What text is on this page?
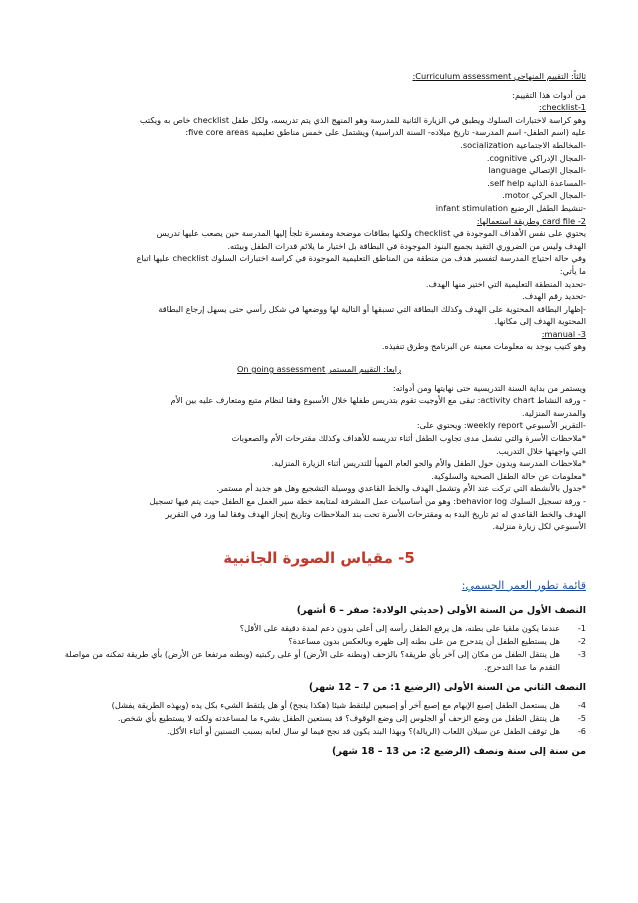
ثالثاً: التقييم المنهاجي Curriculum assessment:
من أدوات هذا التقييم:
1-checklist:
وهو كراسة لاختبارات السلوك ويطبق في الزيارة الثانية للمدرسة وهو المنهج الذي يتم تدريسه، ولكل طفل checklist خاص به ويكتب
عليه (اسم الطفل- اسم المدرسة- تاريخ ميلاده- السنة الدراسية) ويشتمل على خمس مناطق تعليمية five core areas:
-المخالطة الاجتماعية socialization.
-المجال الإدراكي cognitive.
-المجال الإتصالي language
-المساعدة الذاتية self help.
-المجال الحركي motor.
-تنشيط الطفل الرضيع infant stimulation
2- card file وطريقة استعمالها:
يحتوي على نفس الأهداف الموجودة في checklist ولكنها بطاقات موضحة ومفسرة تلجأ إليها المدرسة حين يصعب عليها تدريس
الهدف وليس من الضروري التقيد بجميع البنود الموجودة في البطاقة بل اختيار ما يلائم قدرات الطفل وبيئته.
وفي حالة احتياج المدرسة لتفسير هدف من منطقة من المناطق التعليمية الموجودة في كراسة اختبارات السلوك checklist عليها اتباع
ما يأتي:
-تحديد المنطقة التعليمية التي اختير منها الهدف.
-تحديد رقم الهدف.
-إظهار البطاقة المحتوية على الهدف وكذلك البطاقة التي تسبقها أو التالية لها ووضعها في شكل رأسي حتى يسهل إرجاع البطاقة
المحتوية الهدف إلى مكانها.
3- manual:
وهو كتيب يوجد به معلومات معينة عن البرنامج وطرق تنفيذه.
رابعا: التقييم المستمر On going assessment
ويستمر من بداية السنة التدريسية حتى نهايتها ومن أدواته:
- ورقة النشاط activity chart: تبقى مع الأوجيت تقوم بتدريس طفلها خلال الأسبوع وفقا لنظام متبع ومتعارف عليه بين الأم
والمدرسة المنزلية.
-التقرير الأسبوعي weekly report: ويحتوي على:
*ملاحظات الأسرة والتي تشمل مدى تجاوب الطفل أثناء تدريسه للأهداف وكذلك مقترحات الأم والصعوبات
التي واجهتها خلال التدريب.
*ملاحظات المدرسة ويدون حول الطفل والأم والجو العام المهيأ للتدريس أثناء الزيارة المنزلية.
*معلومات عن حالة الطفل الصحية والسلوكية.
*جدول بالأنشطة التي تركت عند الأم وتشمل الهدف والخط القاعدي ووسيلة التشجيع وهل هو جديد أم مستمر.
- ورقة تسجيل السلوك behavior log: وهو من أساسيات عمل المشرفة لمتابعة خطة سير العمل مع الطفل حيث يتم فيها تسجيل
الهدف والخط القاعدي له ثم تاريخ البدء به ومقترحات الأسرة تحت بند الملاحظات وتاريخ إنجاز الهدف وفقا لما ورد في التقرير
الأسبوعي لكل زيارة منزلية.
5- مقياس الصورة الجانبية
قائمة تطور العمر الجسمي:
النصف الأول من السنة الأولى (حديثي الولادة: صفر – 6 أشهر)
1-
عندما يكون ملقيا على بطنه، هل يرفع الطفل رأسه إلى أعلى بدون دعم لمدة دقيقة على الأقل؟
2-
هل يستطيع الطفل أن يتدحرج من على بطنه إلى ظهره وبالعكس بدون مساعدة؟
3-
هل ينتقل الطفل من مكان إلى آخر بأي طريقة؟ بالزحف (وبطنه على الأرض) أو على ركبتيه (وبطنه مرتفعا عن الأرض) بأي طريقة تمكنه من مواصلة التقدم ما عدا التدحرج.
النصف الثاني من السنة الأولى (الرضيع 1: من 7 – 12 شهر)
4-
هل يستعمل الطفل إصبع الإبهام مع إصبع آخر أو إصبعين ليلتقط شيئا (هكذا ينجح) أو هل يلتقط الشيء بكل يده (وبهذه الطريقة يفشل)
5-
هل ينتقل الطفل من وضع الزحف أو الجلوس إلى وضع الوقوف؟ قد يستعين الطفل بشيء ما لمساعدته ولكنه لا يستطيع بأي شخص.
6-
هل توقف الطفل عن سيلان اللعاب (الريالة)؟ وبهذا البند يكون قد نجح فيما لو سال لعابه بسبب التسنين أو أثناء الأكل.
من سنة إلى سنة ونصف (الرضيع 2: من 13 – 18 شهر)
